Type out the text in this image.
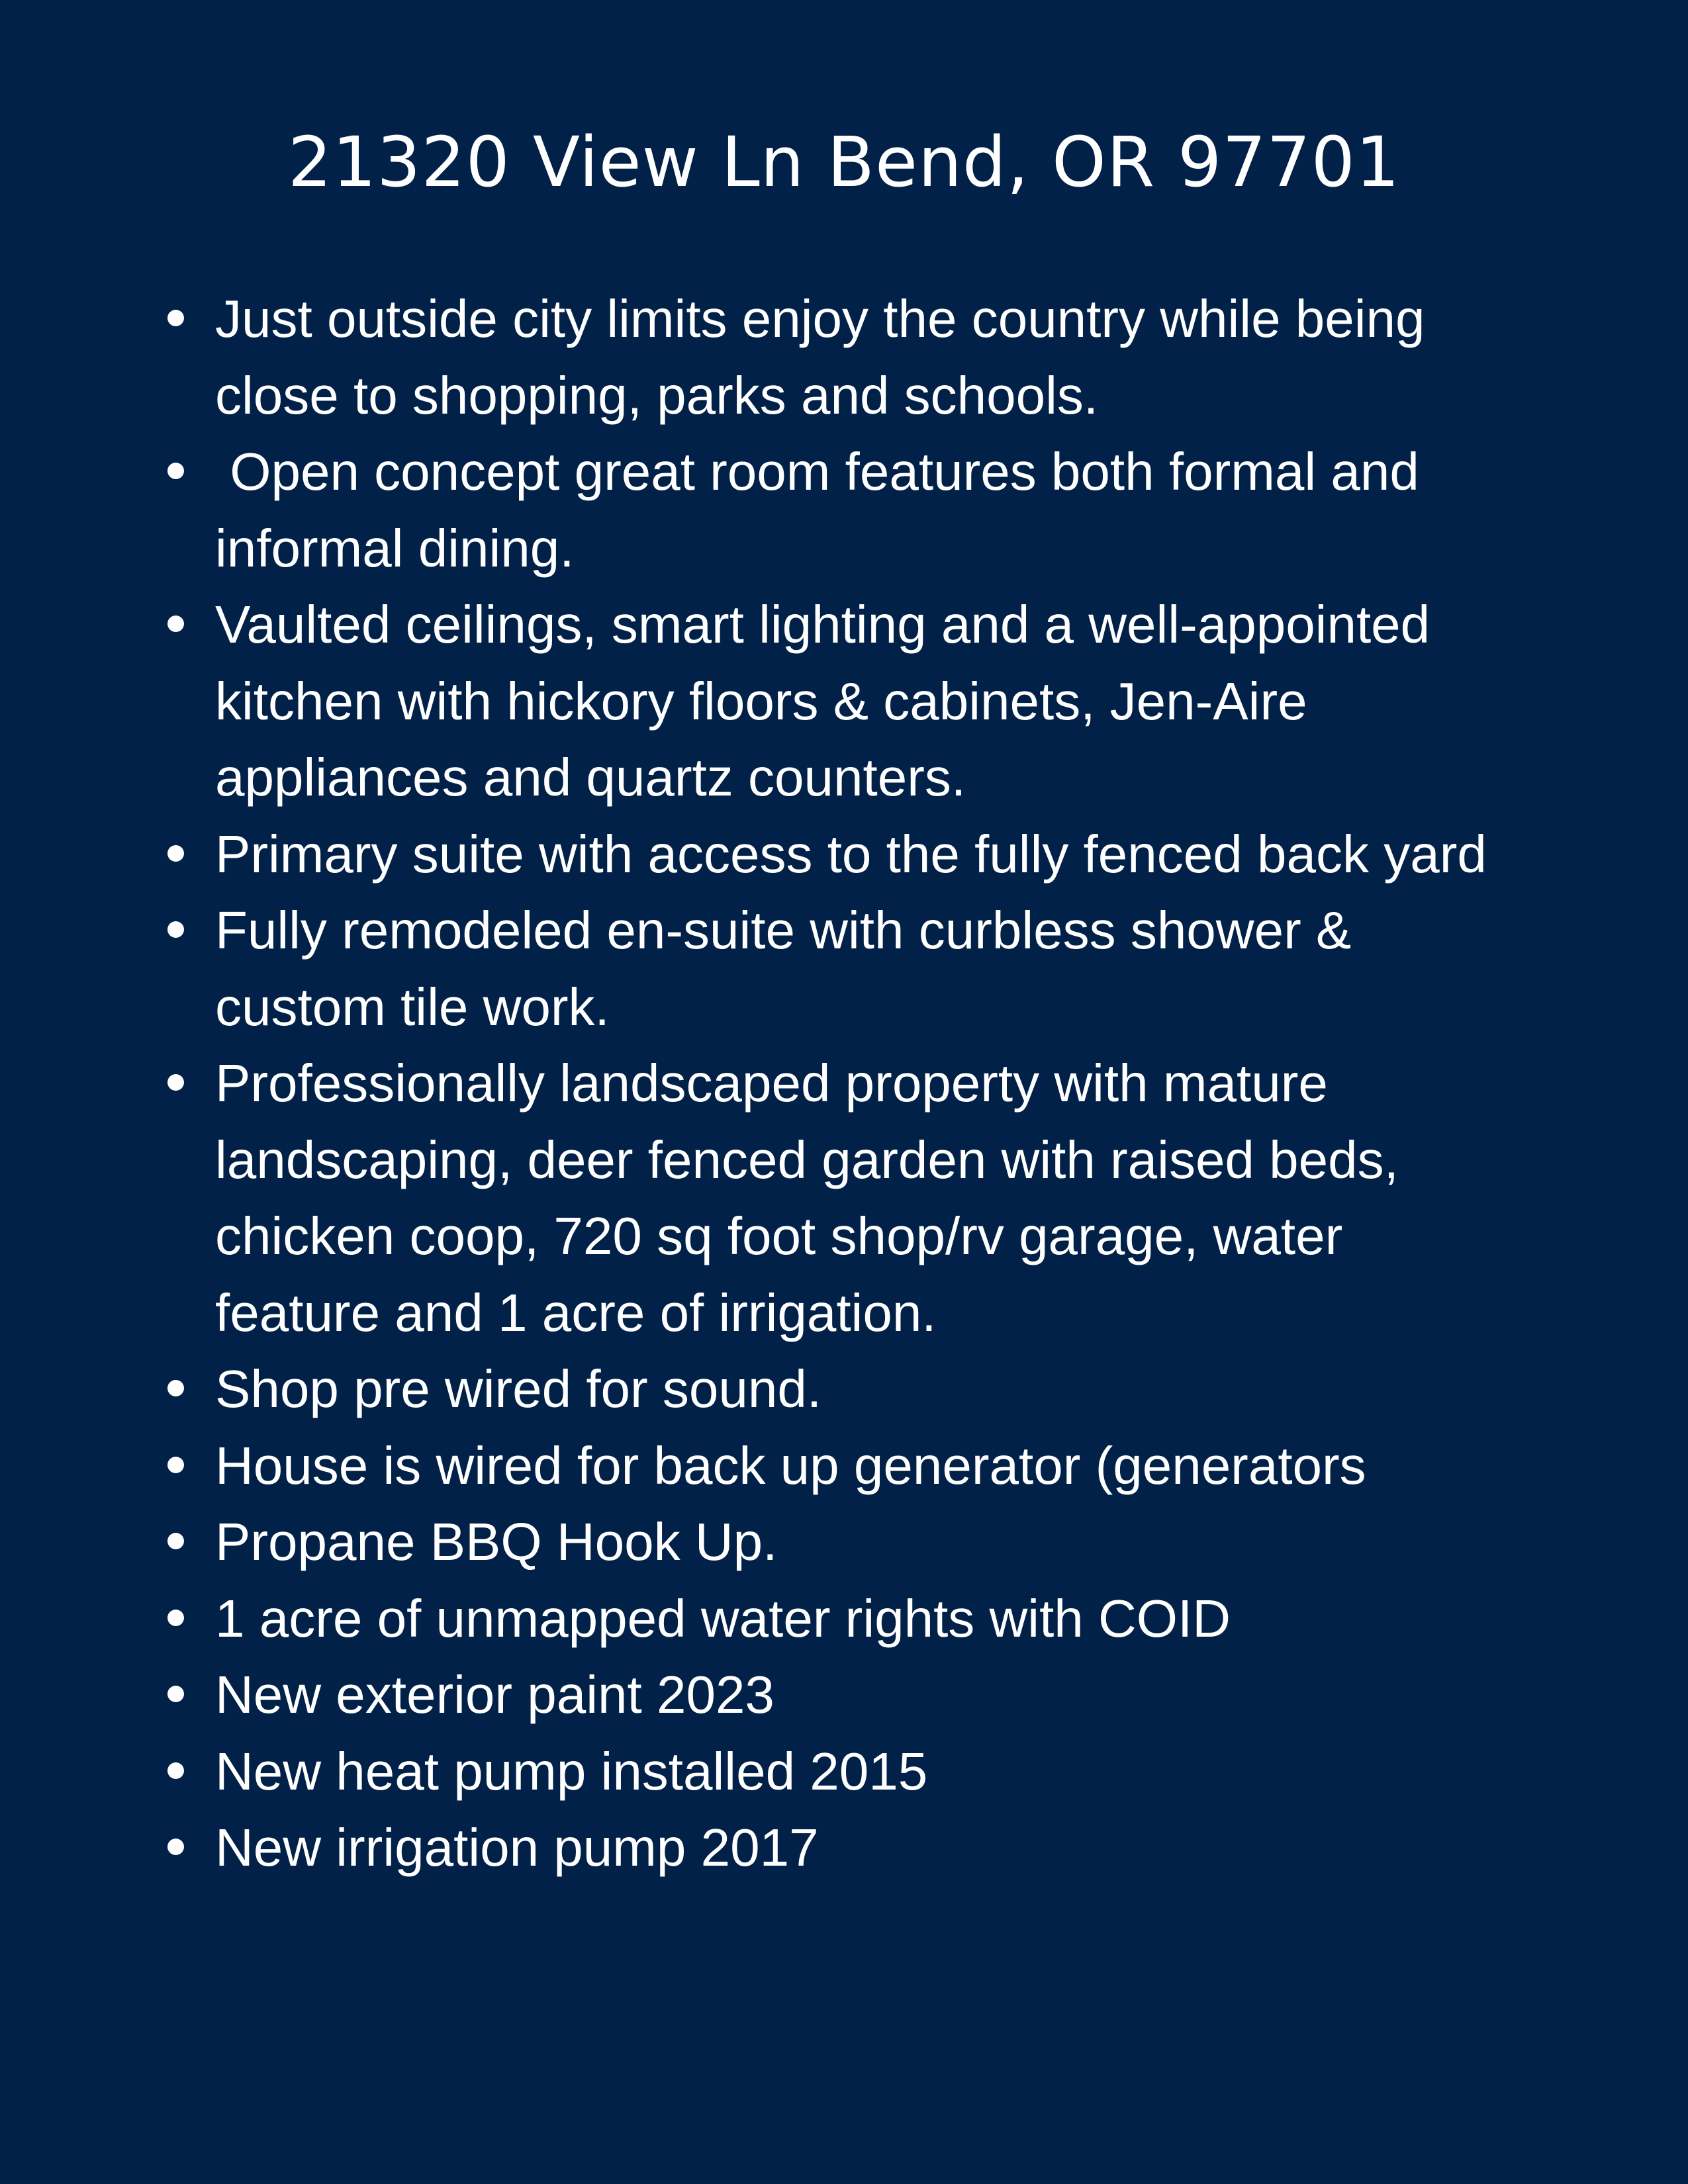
21320 View Ln Bend, OR 97701
Just outside city limits enjoy the country while being
close to shopping, parks and schools.
Open concept great room features both formal and
informal dining.
Vaulted ceilings, smart lighting and a well-appointed
kitchen with hickory floors & cabinets, Jen-Aire
appliances and quartz counters.
Primary suite with access to the fully fenced back yard
Fully remodeled en-suite with curbless shower &
custom tile work.
Professionally landscaped property with mature
landscaping, deer fenced garden with raised beds,
chicken coop, 720 sq foot shop/rv garage, water
feature and 1 acre of irrigation.
Shop pre wired for sound.
House is wired for back up generator (generators
Propane BBQ Hook Up.
1 acre of unmapped water rights with COID
New exterior paint 2023
New heat pump installed 2015
New irrigation pump 2017
